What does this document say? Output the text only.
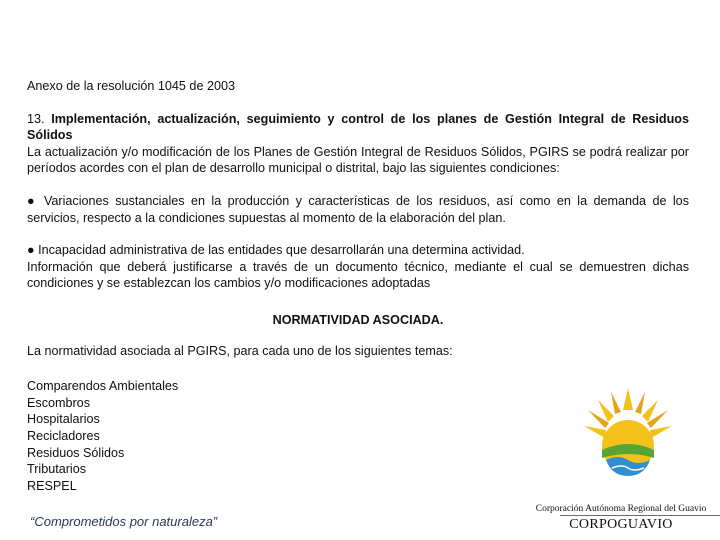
Anexo de la resolución 1045 de 2003

13. Implementación, actualización, seguimiento y control de los planes de Gestión Integral de Residuos Sólidos

La actualización y/o modificación de los Planes de Gestión Integral de Residuos Sólidos, PGIRS se podrá realizar por períodos acordes con el plan de desarrollo municipal o distrital, bajo las siguientes condiciones:

● Variaciones sustanciales en la producción y características de los residuos, así como en la demanda de los servicios, respecto a la condiciones supuestas al momento de la elaboración del plan.

● Incapacidad administrativa de las entidades que desarrollarán una determina actividad.

Información que deberá justificarse a través de un documento técnico, mediante el cual se demuestren dichas condiciones y se establezcan los cambios y/o modificaciones adoptadas

NORMATIVIDAD ASOCIADA.

La normatividad asociada al PGIRS, para cada uno de los siguientes temas:

Comparendos Ambientales
Escombros
Hospitalarios
Recicladores
Residuos Sólidos
Tributarios
RESPEL
“Comprometidos por naturaleza”
Corporación Autónoma Regional del Guavio
CORPOGUAVIO
